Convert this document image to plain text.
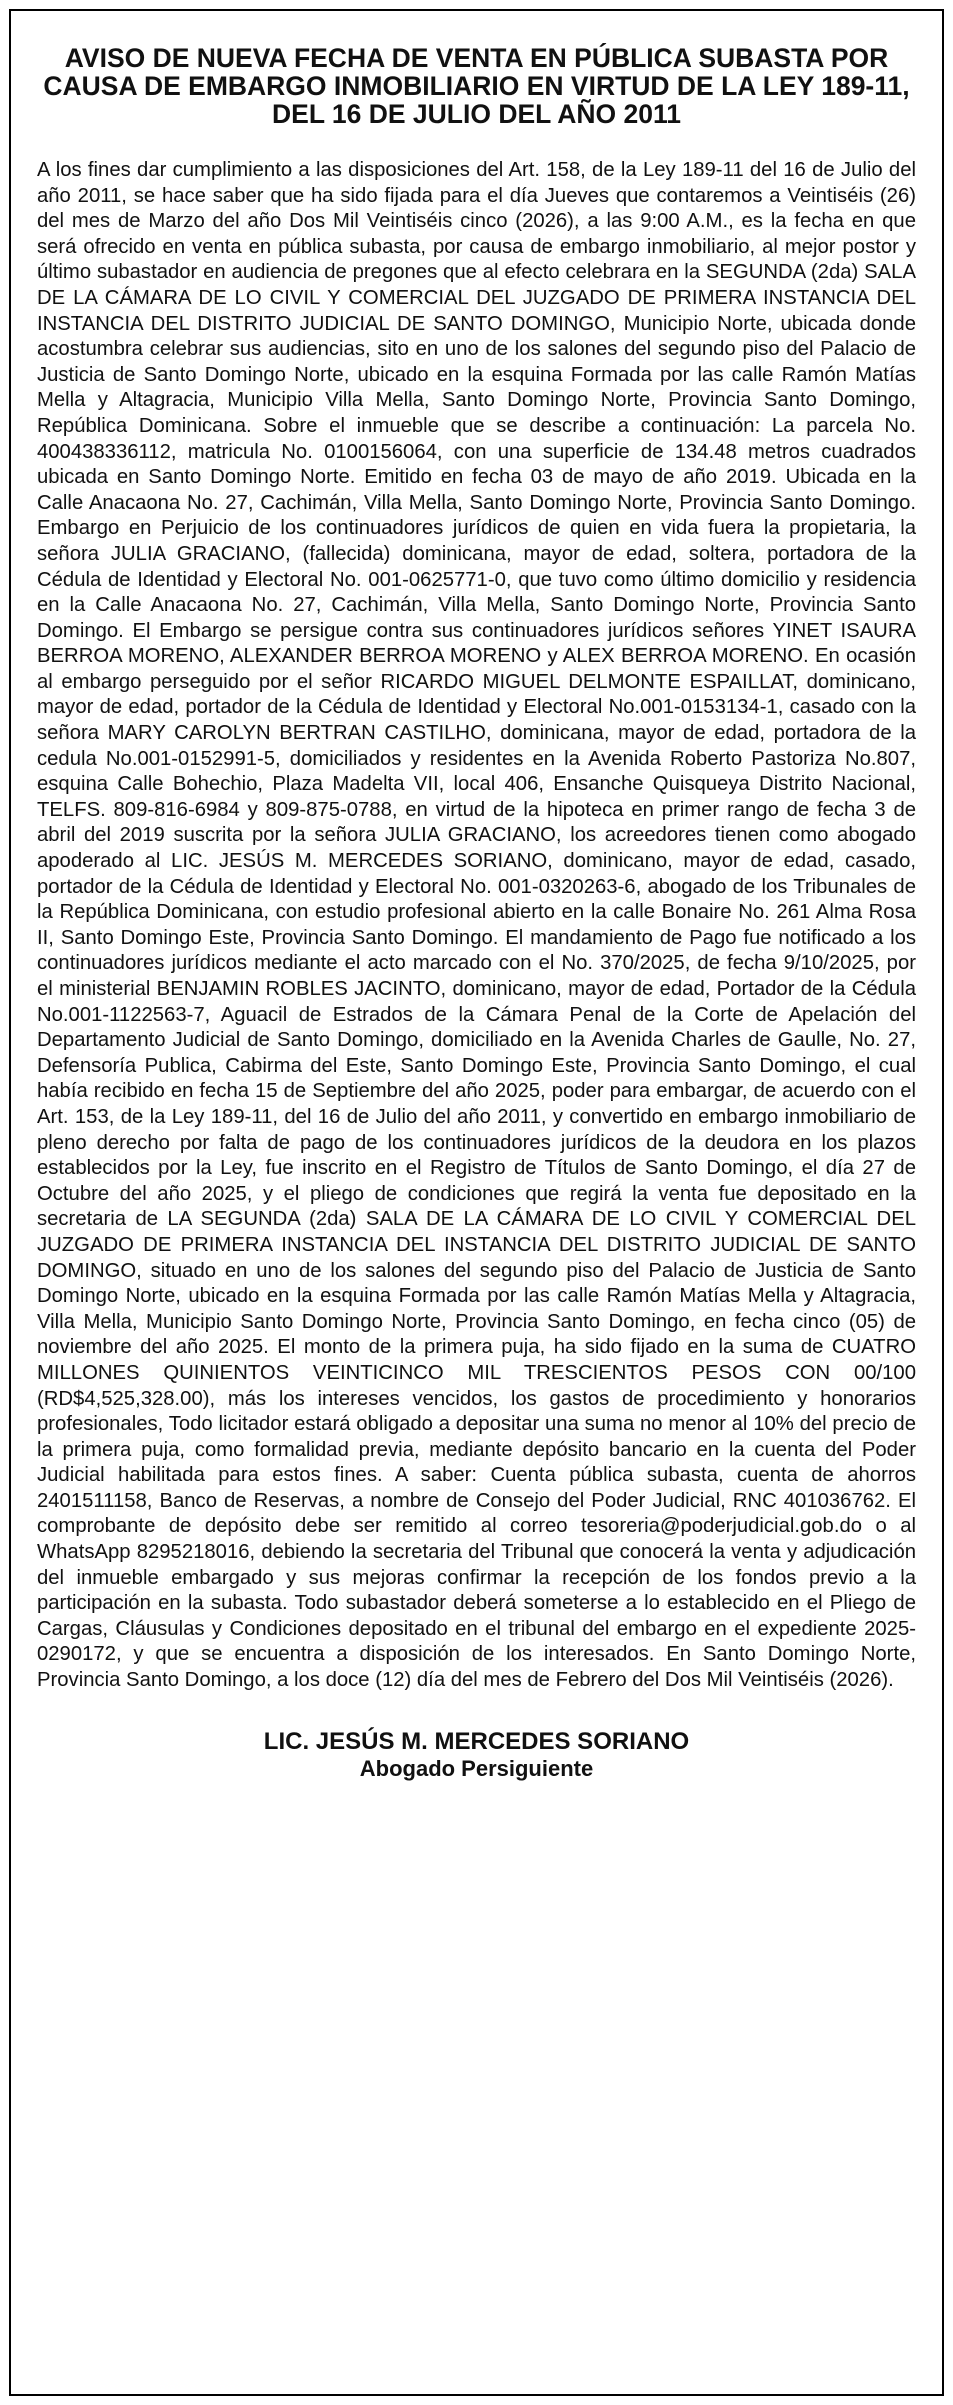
AVISO DE NUEVA FECHA DE VENTA EN PÚBLICA SUBASTA POR CAUSA DE EMBARGO INMOBILIARIO EN VIRTUD DE LA LEY 189-11, DEL 16 DE JULIO DEL AÑO 2011
A los fines dar cumplimiento a las disposiciones del Art. 158, de la Ley 189-11 del 16 de Julio del año 2011, se hace saber que ha sido fijada para el día Jueves que contaremos a Veintiséis (26) del mes de Marzo del año Dos Mil Veintiséis cinco (2026), a las 9:00 A.M., es la fecha en que será ofrecido en venta en pública subasta, por causa de embargo inmobiliario, al mejor postor y último subastador en audiencia de pregones que al efecto celebrara en la SEGUNDA (2da) SALA DE LA CÁMARA DE LO CIVIL Y COMERCIAL DEL JUZGADO DE PRIMERA INSTANCIA DEL INSTANCIA DEL DISTRITO JUDICIAL DE SANTO DOMINGO, Municipio Norte, ubicada donde acostumbra celebrar sus audiencias, sito en uno de los salones del segundo piso del Palacio de Justicia de Santo Domingo Norte, ubicado en la esquina Formada por las calle Ramón Matías Mella y Altagracia, Municipio Villa Mella, Santo Domingo Norte, Provincia Santo Domingo, República Dominicana. Sobre el inmueble que se describe a continuación: La parcela No. 400438336112, matricula No. 0100156064, con una superficie de 134.48 metros cuadrados ubicada en Santo Domingo Norte. Emitido en fecha 03 de mayo de año 2019. Ubicada en la Calle Anacaona No. 27, Cachimán, Villa Mella, Santo Domingo Norte, Provincia Santo Domingo. Embargo en Perjuicio de los continuadores jurídicos de quien en vida fuera la propietaria, la señora JULIA GRACIANO, (fallecida) dominicana, mayor de edad, soltera, portadora de la Cédula de Identidad y Electoral No. 001-0625771-0, que tuvo como último domicilio y residencia en la Calle Anacaona No. 27, Cachimán, Villa Mella, Santo Domingo Norte, Provincia Santo Domingo. El Embargo se persigue contra sus continuadores jurídicos señores YINET ISAURA BERROA MORENO, ALEXANDER BERROA MORENO y ALEX BERROA MORENO. En ocasión al embargo perseguido por el señor RICARDO MIGUEL DELMONTE ESPAILLAT, dominicano, mayor de edad, portador de la Cédula de Identidad y Electoral No.001-0153134-1, casado con la señora MARY CAROLYN BERTRAN CASTILHO, dominicana, mayor de edad, portadora de la cedula No.001-0152991-5, domiciliados y residentes en la Avenida Roberto Pastoriza No.807, esquina Calle Bohechio, Plaza Madelta VII, local 406, Ensanche Quisqueya Distrito Nacional, TELFS. 809-816-6984 y 809-875-0788, en virtud de la hipoteca en primer rango de fecha 3 de abril del 2019 suscrita por la señora JULIA GRACIANO, los acreedores tienen como abogado apoderado al LIC. JESÚS M. MERCEDES SORIANO, dominicano, mayor de edad, casado, portador de la Cédula de Identidad y Electoral No. 001-0320263-6, abogado de los Tribunales de la República Dominicana, con estudio profesional abierto en la calle Bonaire No. 261 Alma Rosa II, Santo Domingo Este, Provincia Santo Domingo. El mandamiento de Pago fue notificado a los continuadores jurídicos mediante el acto marcado con el No. 370/2025, de fecha 9/10/2025, por el ministerial BENJAMIN ROBLES JACINTO, dominicano, mayor de edad, Portador de la Cédula No.001-1122563-7, Aguacil de Estrados de la Cámara Penal de la Corte de Apelación del Departamento Judicial de Santo Domingo, domiciliado en la Avenida Charles de Gaulle, No. 27, Defensoría Publica, Cabirma del Este, Santo Domingo Este, Provincia Santo Domingo, el cual había recibido en fecha 15 de Septiembre del año 2025, poder para embargar, de acuerdo con el Art. 153, de la Ley 189-11, del 16 de Julio del año 2011, y convertido en embargo inmobiliario de pleno derecho por falta de pago de los continuadores jurídicos de la deudora en los plazos establecidos por la Ley, fue inscrito en el Registro de Títulos de Santo Domingo, el día 27 de Octubre del año 2025, y el pliego de condiciones que regirá la venta fue depositado en la secretaria de LA SEGUNDA (2da) SALA DE LA CÁMARA DE LO CIVIL Y COMERCIAL DEL JUZGADO DE PRIMERA INSTANCIA DEL INSTANCIA DEL DISTRITO JUDICIAL DE SANTO DOMINGO, situado en uno de los salones del segundo piso del Palacio de Justicia de Santo Domingo Norte, ubicado en la esquina Formada por las calle Ramón Matías Mella y Altagracia, Villa Mella, Municipio Santo Domingo Norte, Provincia Santo Domingo, en fecha cinco (05) de noviembre del año 2025. El monto de la primera puja, ha sido fijado en la suma de CUATRO MILLONES QUINIENTOS VEINTICINCO MIL TRESCIENTOS PESOS CON 00/100 (RD$4,525,328.00), más los intereses vencidos, los gastos de procedimiento y honorarios profesionales, Todo licitador estará obligado a depositar una suma no menor al 10% del precio de la primera puja, como formalidad previa, mediante depósito bancario en la cuenta del Poder Judicial habilitada para estos fines. A saber: Cuenta pública subasta, cuenta de ahorros 2401511158, Banco de Reservas, a nombre de Consejo del Poder Judicial, RNC 401036762. El comprobante de depósito debe ser remitido al correo tesoreria@poderjudicial.gob.do o al WhatsApp 8295218016, debiendo la secretaria del Tribunal que conocerá la venta y adjudicación del inmueble embargado y sus mejoras confirmar la recepción de los fondos previo a la participación en la subasta. Todo subastador deberá someterse a lo establecido en el Pliego de Cargas, Cláusulas y Condiciones depositado en el tribunal del embargo en el expediente 2025-0290172, y que se encuentra a disposición de los interesados. En Santo Domingo Norte, Provincia Santo Domingo, a los doce (12) día del mes de Febrero del Dos Mil Veintiséis (2026).
LIC. JESÚS M. MERCEDES SORIANO
Abogado Persiguiente
